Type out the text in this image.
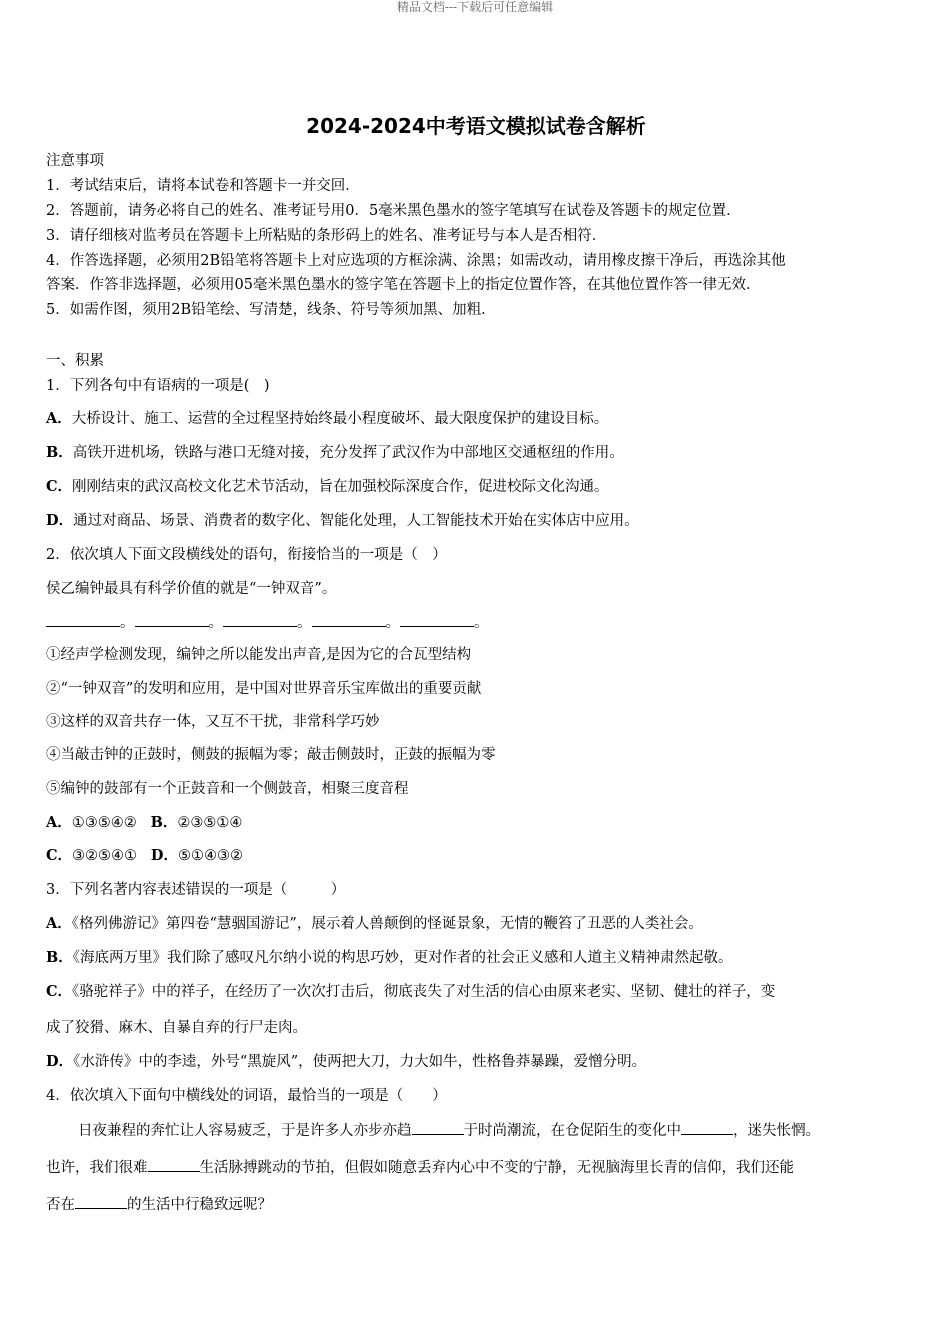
精品文档---下载后可任意编辑
2024-2024中考语文模拟试卷含解析
注意事项
1．考试结束后，请将本试卷和答题卡一并交回．
2．答题前，请务必将自己的姓名、准考证号用0．5毫米黑色墨水的签字笔填写在试卷及答题卡的规定位置．
3．请仔细核对监考员在答题卡上所粘贴的条形码上的姓名、准考证号与本人是否相符．
4．作答选择题，必须用2B铅笔将答题卡上对应选项的方框涂满、涂黑；如需改动，请用橡皮擦干净后，再选涂其他
答案．作答非选择题，必须用05毫米黑色墨水的签字笔在答题卡上的指定位置作答，在其他位置作答一律无效．
5．如需作图，须用2B铅笔绘、写清楚，线条、符号等须加黑、加粗．
一、积累
1．下列各句中有语病的一项是(　)
A．大桥设计、施工、运营的全过程坚持始终最小程度破坏、最大限度保护的建设目标。
B．高铁开进机场，铁路与港口无缝对接，充分发挥了武汉作为中部地区交通枢纽的作用。
C．刚刚结束的武汉高校文化艺术节活动，旨在加强校际深度合作，促进校际文化沟通。
D．通过对商品、场景、消费者的数字化、智能化处理，人工智能技术开始在实体店中应用。
2．依次填人下面文段横线处的语句，衔接恰当的一项是（　）
侯乙编钟最具有科学价值的就是“一钟双音”。
。	。	。	。	。
①经声学检测发现，编钟之所以能发出声音,是因为它的合瓦型结构
②“一钟双音”的发明和应用，是中国对世界音乐宝库做出的重要贡献
③这样的双音共存一体，又互不干扰，非常科学巧妙
④当敲击钟的正鼓时，侧鼓的振幅为零；敲击侧鼓时，正鼓的振幅为零
⑤编钟的鼓部有一个正鼓音和一个侧鼓音，相聚三度音程
A．①③⑤④② B．②③⑤①④
C．③②⑤④① D．⑤①④③②
3．下列名著内容表述错误的一项是（　　　）
A．《格列佛游记》第四卷“慧骃国游记”，展示着人兽颠倒的怪诞景象，无情的鞭笞了丑恶的人类社会。
B．《海底两万里》我们除了感叹凡尔纳小说的构思巧妙，更对作者的社会正义感和人道主义精神肃然起敬。
C．《骆驼祥子》中的祥子，在经历了一次次打击后，彻底丧失了对生活的信心由原来老实、坚韧、健壮的祥子，变
成了狡猾、麻木、自暴自弃的行尸走肉。
D．《水浒传》中的李逵，外号“黑旋风”，使两把大刀，力大如牛，性格鲁莽暴躁，爱憎分明。
4．依次填入下面句中横线处的词语，最恰当的一项是（　　）
日夜兼程的奔忙让人容易疲乏，于是许多人亦步亦趋	于时尚潮流，在仓促陌生的变化中	，迷失怅惘。
也许，我们很难	生活脉搏跳动的节拍，但假如随意丢弃内心中不变的宁静，无视脑海里长青的信仰，我们还能
否在	的生活中行稳致远呢？
